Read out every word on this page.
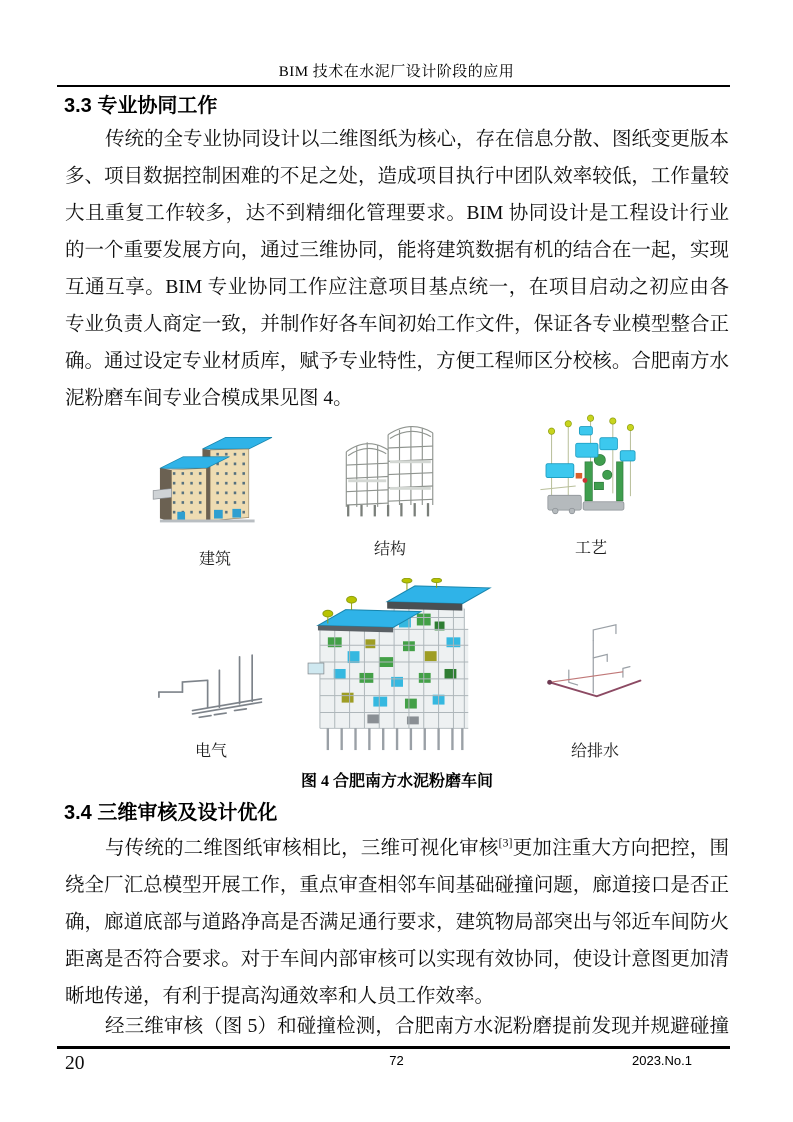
BIM 技术在水泥厂设计阶段的应用
3.3 专业协同工作

传统的全专业协同设计以二维图纸为核心，存在信息分散、图纸变更版本多、项目数据控制困难的不足之处，造成项目执行中团队效率较低，工作量较大且重复工作较多，达不到精细化管理要求。BIM 协同设计是工程设计行业的一个重要发展方向，通过三维协同，能将建筑数据有机的结合在一起，实现互通互享。BIM 专业协同工作应注意项目基点统一，在项目启动之初应由各专业负责人商定一致，并制作好各车间初始工作文件，保证各专业模型整合正确。通过设定专业材质库，赋予专业特性，方便工程师区分校核。合肥南方水泥粉磨车间专业合模成果见图 4。

建筑
结构	工艺
电气	给排水
图 4 合肥南方水泥粉磨车间
3.4 三维审核及设计优化

与传统的二维图纸审核相比，三维可视化审核[3]更加注重大方向把控，围绕全厂汇总模型开展工作，重点审查相邻车间基础碰撞问题，廊道接口是否正确，廊道底部与道路净高是否满足通行要求，建筑物局部突出与邻近车间防火距离是否符合要求。对于车间内部审核可以实现有效协同，使设计意图更加清晰地传递，有利于提高沟通效率和人员工作效率。

经三维审核（图 5）和碰撞检测，合肥南方水泥粉磨提前发现并规避碰撞 20	72	2023.No.1
